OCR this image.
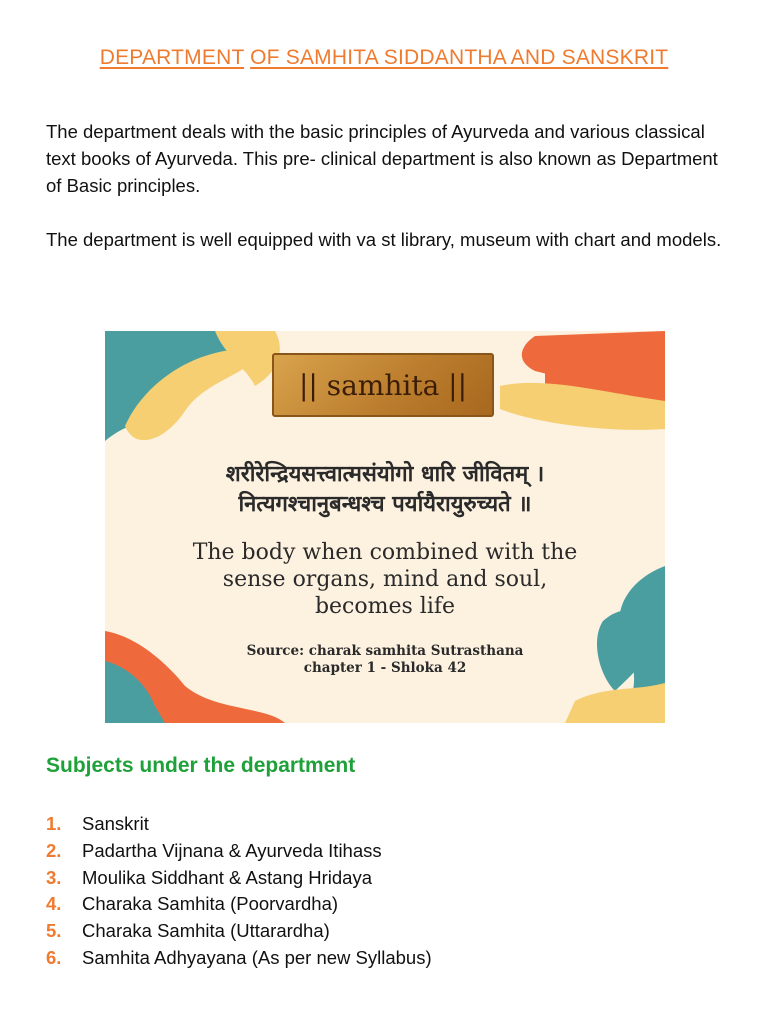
DEPARTMENT OF SAMHITA SIDDANTHA AND SANSKRIT

The department deals with the basic principles of Ayurveda and various classical text books of Ayurveda. This pre- clinical department is also known as Department of Basic principles.

The department is well equipped with va st library, museum with chart and models.

|| samhita ||
शरीरेन्द्रियसत्त्वात्मसंयोगो धारि जीवितम् ।
नित्यगश्चानुबन्धश्च पर्यायैरायुरुच्यते ॥
The body when combined with the
sense organs, mind and soul,
becomes life
Source: charak samhita Sutrasthana
chapter 1 - Shloka 42
Subjects under the department
1.	Sanskrit
2.	Padartha Vijnana & Ayurveda Itihass
3.	Moulika Siddhant & Astang Hridaya
4.	Charaka Samhita (Poorvardha)
5.	Charaka Samhita (Uttarardha)
6.	Samhita Adhyayana (As per new Syllabus)
